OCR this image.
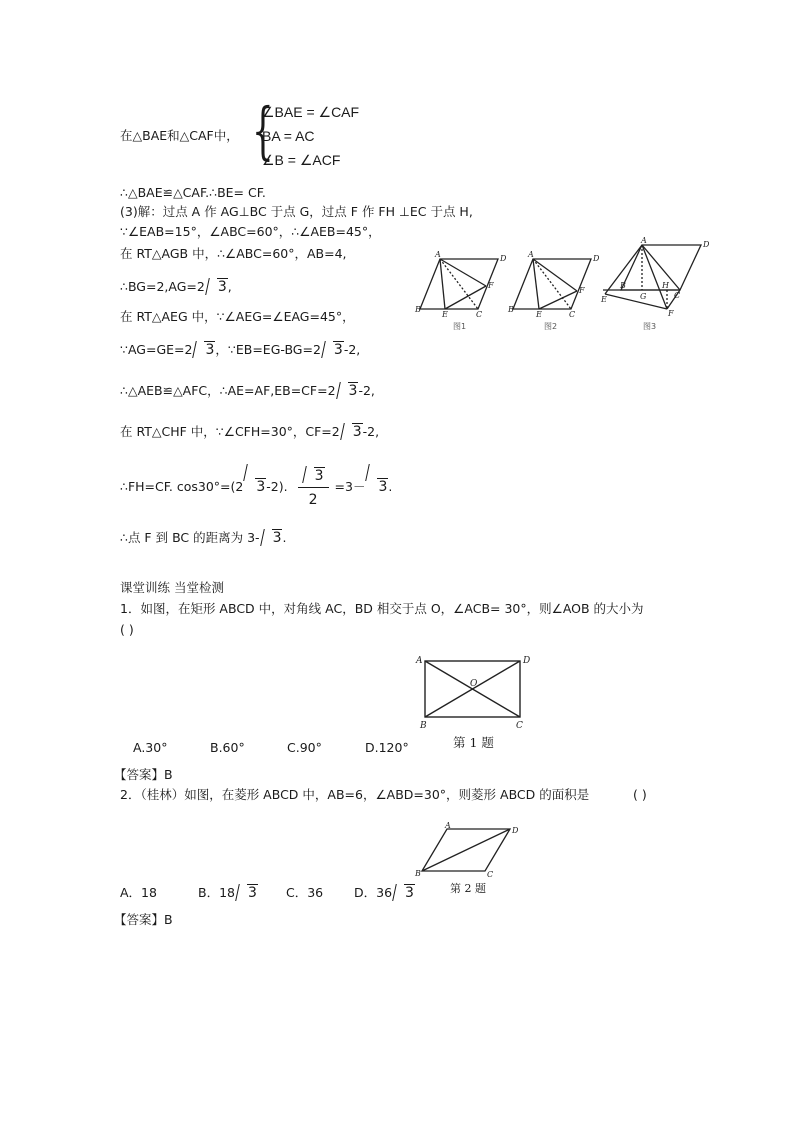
在△BAE和△CAF中， {
∠BAE = ∠CAF
BA = AC
∠B = ∠ACF
∴△BAE≌△CAF.∴BE= CF.
(3)解：过点 A 作 AG⊥BC 于点 G，过点 F 作 FH ⊥EC 于点 H,
∵∠EAB=15°，∠ABC=60°，∴∠AEB=45°，
在 RT△AGB 中，∴∠ABC=60°，AB=4,
∴BG=2,AG=2 3,
在 RT△AEG 中，∵∠AEG=∠EAG=45°，
∵AG=GE=2 3，∵EB=EG-BG=2 3-2,
∴△AEB≌△AFC，∴AE=AF,EB=CF=2 3-2,
在 RT△CHF 中，∵∠CFH=30°，CF=2 3-2,
∴FH=CF. cos30°=(2 3-2). $\frac{3}{2} =3- 3$.
∴点 F 到 BC 的距离为 3- 3.
A
B
C
D
E
F
A
B
C
D
E
F
A
B
C
D
E
F
G
H
图1	图2	图3
课堂训练 当堂检测
1．如图，在矩形 ABCD 中，对角线 AC，BD 相交于点 O，∠ACB= 30°，则∠AOB 的大小为
( )
A	D
B	C
O
A.30°	B.60°	C.90°	D.120°	第 1 题
【答案】B
2．（桂林）如图，在菱形 ABCD 中，AB=6，∠ABD=30°，则菱形 ABCD 的面积是	( )
A
D
B	C
A．18	B．18 3 C．36 D．36 3	第 2 题
【答案】B
